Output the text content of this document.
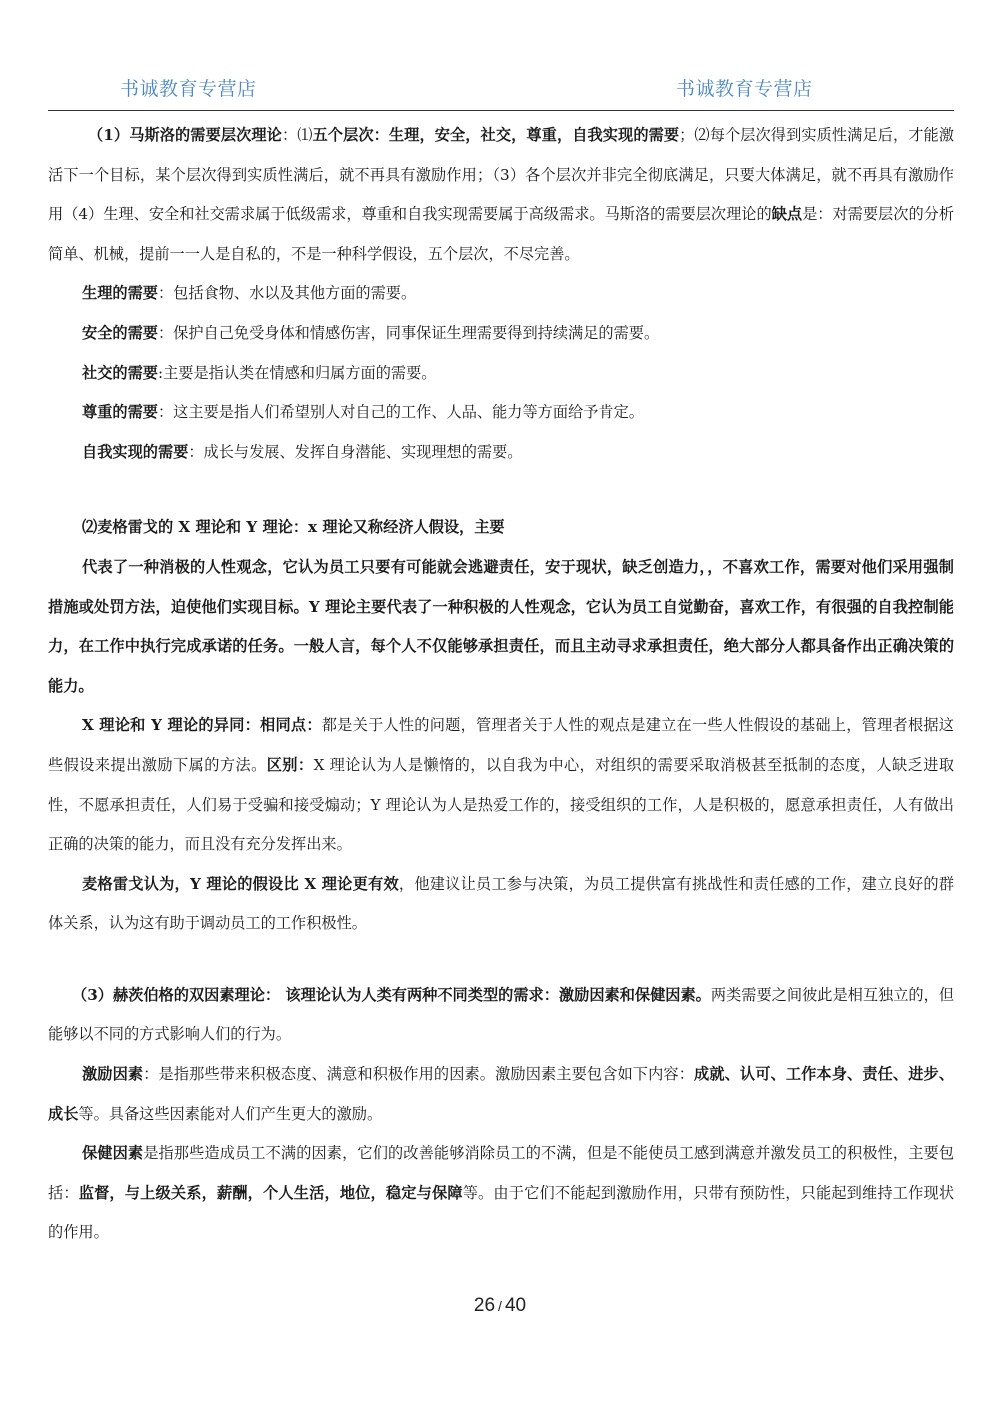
书诚教育专营店	书诚教育专营店

（1）马斯洛的需要层次理论：⑴五个层次：生理，安全，社交，尊重，自我实现的需要；⑵每个层次得到实质性满足后，才能激活下一个目标，某个层次得到实质性满后，就不再具有激励作用；（3）各个层次并非完全彻底满足，只要大体满足，就不再具有激励作用（4）生理、安全和社交需求属于低级需求，尊重和自我实现需要属于高级需求。马斯洛的需要层次理论的缺点是：对需要层次的分析简单、机械，提前一一人是自私的，不是一种科学假设，五个层次，不尽完善。

生理的需要：包括食物、水以及其他方面的需要。

安全的需要：保护自己免受身体和情感伤害，同事保证生理需要得到持续满足的需要。

社交的需要:主要是指认类在情感和归属方面的需要。

尊重的需要：这主要是指人们希望别人对自己的工作、人品、能力等方面给予肯定。

自我实现的需要：成长与发展、发挥自身潜能、实现理想的需要。

⑵麦格雷戈的 X 理论和 Y 理论：x 理论又称经济人假设，主要

代表了一种消极的人性观念，它认为员工只要有可能就会逃避责任，安于现状，缺乏创造力，，不喜欢工作，需要对他们采用强制措施或处罚方法，迫使他们实现目标。Y 理论主要代表了一种积极的人性观念，它认为员工自觉勤奋，喜欢工作，有很强的自我控制能力，在工作中执行完成承诺的任务。一般人言，每个人不仅能够承担责任，而且主动寻求承担责任，绝大部分人都具备作出正确决策的能力。

X 理论和 Y 理论的异同：相同点：都是关于人性的问题，管理者关于人性的观点是建立在一些人性假设的基础上，管理者根据这些假设来提出激励下属的方法。区别：X 理论认为人是懒惰的，以自我为中心，对组织的需要采取消极甚至抵制的态度，人缺乏进取性，不愿承担责任，人们易于受骗和接受煽动；Y 理论认为人是热爱工作的，接受组织的工作，人是积极的，愿意承担责任，人有做出正确的决策的能力，而且没有充分发挥出来。

麦格雷戈认为，Y 理论的假设比 X 理论更有效，他建议让员工参与决策，为员工提供富有挑战性和责任感的工作，建立良好的群体关系，认为这有助于调动员工的工作积极性。

（3）赫茨伯格的双因素理论： 该理论认为人类有两种不同类型的需求：激励因素和保健因素。两类需要之间彼此是相互独立的，但能够以不同的方式影响人们的行为。

激励因素：是指那些带来积极态度、满意和积极作用的因素。激励因素主要包含如下内容：成就、认可、工作本身、责任、进步、成长等。具备这些因素能对人们产生更大的激励。

保健因素是指那些造成员工不满的因素，它们的改善能够消除员工的不满，但是不能使员工感到满意并激发员工的积极性，主要包括：监督，与上级关系，薪酬，个人生活，地位，稳定与保障等。由于它们不能起到激励作用，只带有预防性，只能起到维持工作现状的作用。

26 / 40
